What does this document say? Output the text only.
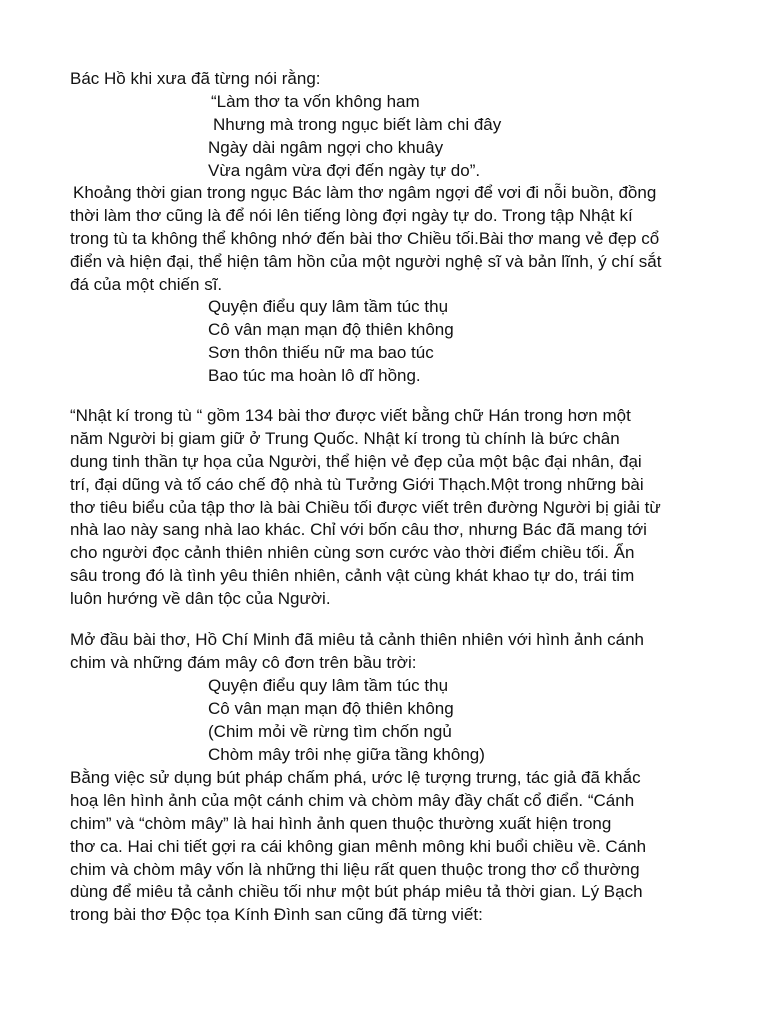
Bác Hồ khi xưa đã từng nói rằng:
“Làm thơ ta vốn không ham
Nhưng mà trong ngục biết làm chi đây
Ngày dài ngâm ngợi cho khuây
Vừa ngâm vừa đợi đến ngày tự do”.
Khoảng thời gian trong ngục Bác làm thơ ngâm ngợi để vơi đi nỗi buồn, đồng
thời làm thơ cũng là để nói lên tiếng lòng đợi ngày tự do. Trong tập Nhật kí
trong tù ta không thể không nhớ đến bài thơ Chiều tối.Bài thơ mang vẻ đẹp cổ
điển và hiện đại, thể hiện tâm hồn của một người nghệ sĩ và bản lĩnh, ý chí sắt
đá của một chiến sĩ.
Quyện điểu quy lâm tầm túc thụ
Cô vân mạn mạn độ thiên không
Sơn thôn thiếu nữ ma bao túc
Bao túc ma hoàn lô dĩ hồng.
“Nhật kí trong tù “ gồm 134 bài thơ được viết bằng chữ Hán trong hơn một
năm Người bị giam giữ ở Trung Quốc. Nhật kí trong tù chính là bức chân
dung tinh thần tự họa của Người, thể hiện vẻ đẹp của một bậc đại nhân, đại
trí, đại dũng và tố cáo chế độ nhà tù Tưởng Giới Thạch.Một trong những bài
thơ tiêu biểu của tập thơ là bài Chiều tối được viết trên đường Người bị giải từ
nhà lao này sang nhà lao khác. Chỉ với bốn câu thơ, nhưng Bác đã mang tới
cho người đọc cảnh thiên nhiên cùng sơn cước vào thời điểm chiều tối. Ẩn
sâu trong đó là tình yêu thiên nhiên, cảnh vật cùng khát khao tự do, trái tim
luôn hướng về dân tộc của Người.
Mở đầu bài thơ, Hồ Chí Minh đã miêu tả cảnh thiên nhiên với hình ảnh cánh
chim và những đám mây cô đơn trên bầu trời:
Quyện điểu quy lâm tầm túc thụ
Cô vân mạn mạn độ thiên không
(Chim mỏi về rừng tìm chốn ngủ
Chòm mây trôi nhẹ giữa tầng không)
Bằng việc sử dụng bút pháp chấm phá, ước lệ tượng trưng, tác giả đã khắc
hoạ lên hình ảnh của một cánh chim và chòm mây đầy chất cổ điển. “Cánh
chim” và “chòm mây” là hai hình ảnh quen thuộc thường xuất hiện trong
thơ ca. Hai chi tiết gợi ra cái không gian mênh mông khi buổi chiều về. Cánh
chim và chòm mây vốn là những thi liệu rất quen thuộc trong thơ cổ thường
dùng để miêu tả cảnh chiều tối như một bút pháp miêu tả thời gian. Lý Bạch
trong bài thơ Độc tọa Kính Đình san cũng đã từng viết:
